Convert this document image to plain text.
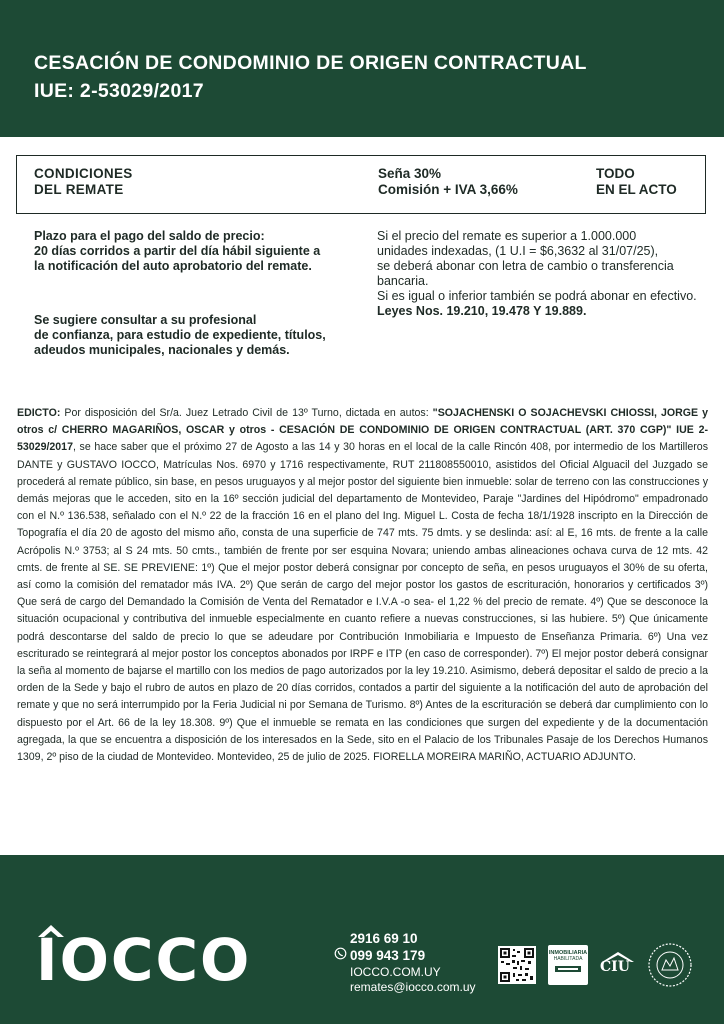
CESACIÓN DE CONDOMINIO DE ORIGEN CONTRACTUAL
IUE: 2-53029/2017
CONDICIONES
DEL REMATE
Seña 30%
Comisión + IVA 3,66%
TODO
EN EL ACTO
Plazo para el pago del saldo de precio:
20 días corridos a partir del día hábil siguiente a
la notificación del auto aprobatorio del remate.
Se sugiere consultar a su profesional
de confianza, para estudio de expediente, títulos,
adeudos municipales, nacionales y demás.
Si el precio del remate es superior a 1.000.000
unidades indexadas, (1 U.I = $6,3632 al 31/07/25),
se deberá abonar con letra de cambio o transferencia
bancaria.
Si es igual o inferior también se podrá abonar en efectivo.
Leyes Nos. 19.210, 19.478 Y 19.889.
EDICTO: Por disposición del Sr/a. Juez Letrado Civil de 13º Turno, dictada en autos: "SOJACHENSKI O SOJACHEVSKI CHIOSSI, JORGE y otros c/ CHERRO MAGARIÑOS, OSCAR y otros - CESACIÓN DE CONDOMINIO DE ORIGEN CONTRACTUAL (ART. 370 CGP)" IUE 2-53029/2017, se hace saber que el próximo 27 de Agosto a las 14 y 30 horas en el local de la calle Rincón 408, por intermedio de los Martilleros DANTE y GUSTAVO IOCCO, Matrículas Nos. 6970 y 1716 respectivamente, RUT 211808550010, asistidos del Oficial Alguacil del Juzgado se procederá al remate público, sin base, en pesos uruguayos y al mejor postor del siguiente bien inmueble: solar de terreno con las construcciones y demás mejoras que le acceden, sito en la 16º sección judicial del departamento de Montevideo, Paraje "Jardines del Hipódromo" empadronado con el N.º 136.538, señalado con el N.º 22 de la fracción 16 en el plano del Ing. Miguel L. Costa de fecha 18/1/1928 inscripto en la Dirección de Topografía el día 20 de agosto del mismo año, consta de una superficie de 747 mts. 75 dmts. y se deslinda: así: al E, 16 mts. de frente a la calle Acrópolis N.º 3753; al S 24 mts. 50 cmts., también de frente por ser esquina Novara; uniendo ambas alineaciones ochava curva de 12 mts. 42 cmts. de frente al SE. SE PREVIENE: 1º) Que el mejor postor deberá consignar por concepto de seña, en pesos uruguayos el 30% de su oferta, así como la comisión del rematador más IVA. 2º) Que serán de cargo del mejor postor los gastos de escrituración, honorarios y certificados 3º) Que será de cargo del Demandado la Comisión de Venta del Rematador e I.V.A -o sea- el 1,22 % del precio de remate. 4º) Que se desconoce la situación ocupacional y contributiva del inmueble especialmente en cuanto refiere a nuevas construcciones, si las hubiere. 5º) Que únicamente podrá descontarse del saldo de precio lo que se adeudare por Contribución Inmobiliaria e Impuesto de Enseñanza Primaria. 6º) Una vez escriturado se reintegrará al mejor postor los conceptos abonados por IRPF e ITP (en caso de corresponder). 7º) El mejor postor deberá consignar la seña al momento de bajarse el martillo con los medios de pago autorizados por la ley 19.210. Asimismo, deberá depositar el saldo de precio a la orden de la Sede y bajo el rubro de autos en plazo de 20 días corridos, contados a partir del siguiente a la notificación del auto de aprobación del remate y que no será interrumpido por la Feria Judicial ni por Semana de Turismo. 8º) Antes de la escrituración se deberá dar cumplimiento con lo dispuesto por el Art. 66 de la ley 18.308. 9º) Que el inmueble se remata en las condiciones que surgen del expediente y de la documentación agregada, la que se encuentra a disposición de los interesados en la Sede, sito en el Palacio de los Tribunales Pasaje de los Derechos Humanos 1309, 2º piso de la ciudad de Montevideo. Montevideo, 25 de julio de 2025. FIORELLA MOREIRA MARIÑO, ACTUARIO ADJUNTO.
IOCCO	2916 69 10
099 943 179
IOCCO.COM.UY
remates@iocco.com.uy
INMOBILIARIA
HABILITADA	CIU
